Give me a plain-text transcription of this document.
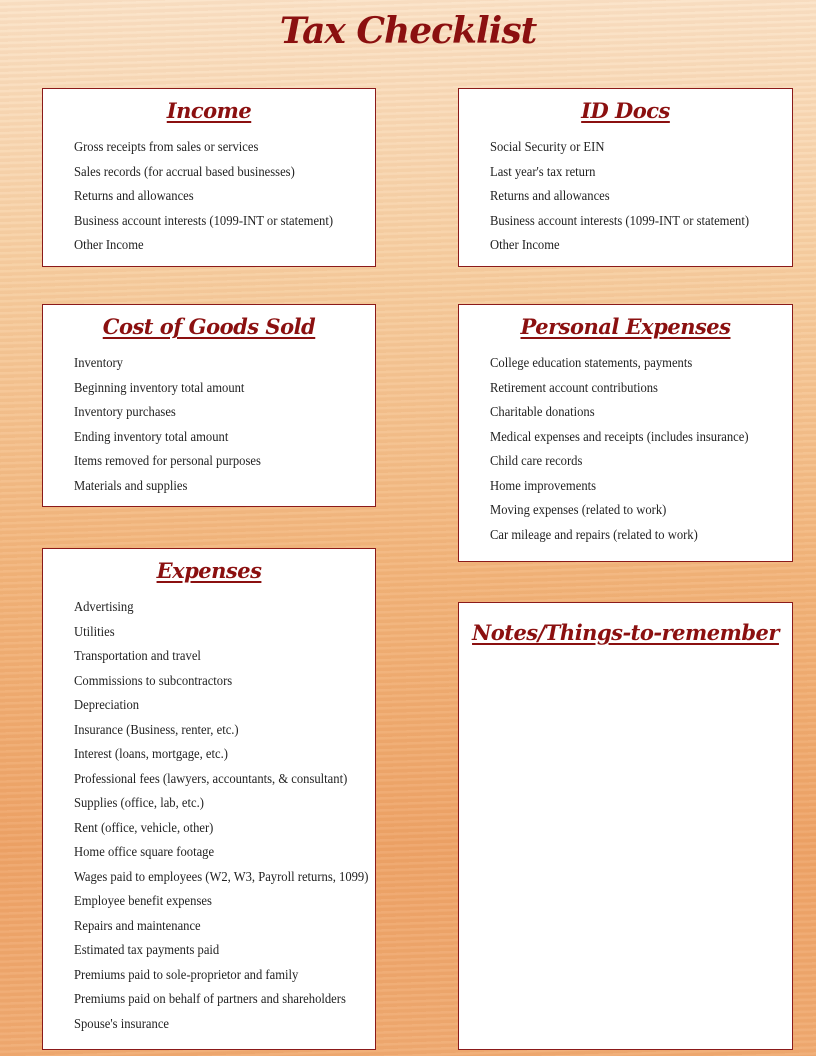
Tax Checklist
Income
Gross receipts from sales or services
Sales records (for accrual based businesses)
Returns and allowances
Business account interests (1099-INT or statement)
Other Income
ID Docs
Social Security or EIN
Last year's tax return
Returns and allowances
Business account interests (1099-INT or statement)
Other Income
Cost of Goods Sold
Inventory
Beginning inventory total amount
Inventory purchases
Ending inventory total amount
Items removed for personal purposes
Materials and supplies
Personal Expenses
College education statements, payments
Retirement account contributions
Charitable donations
Medical expenses and receipts (includes insurance)
Child care records
Home improvements
Moving expenses (related to work)
Car mileage and repairs (related to work)
Expenses
Advertising
Utilities
Transportation and travel
Commissions to subcontractors
Depreciation
Insurance (Business, renter, etc.)
Interest (loans, mortgage, etc.)
Professional fees (lawyers, accountants, & consultant)
Supplies (office, lab, etc.)
Rent (office, vehicle, other)
Home office square footage
Wages paid to employees (W2, W3, Payroll returns, 1099)
Employee benefit expenses
Repairs and maintenance
Estimated tax payments paid
Premiums paid to sole-proprietor and family
Premiums paid on behalf of partners and shareholders
Spouse's insurance
Notes/Things-to-remember
